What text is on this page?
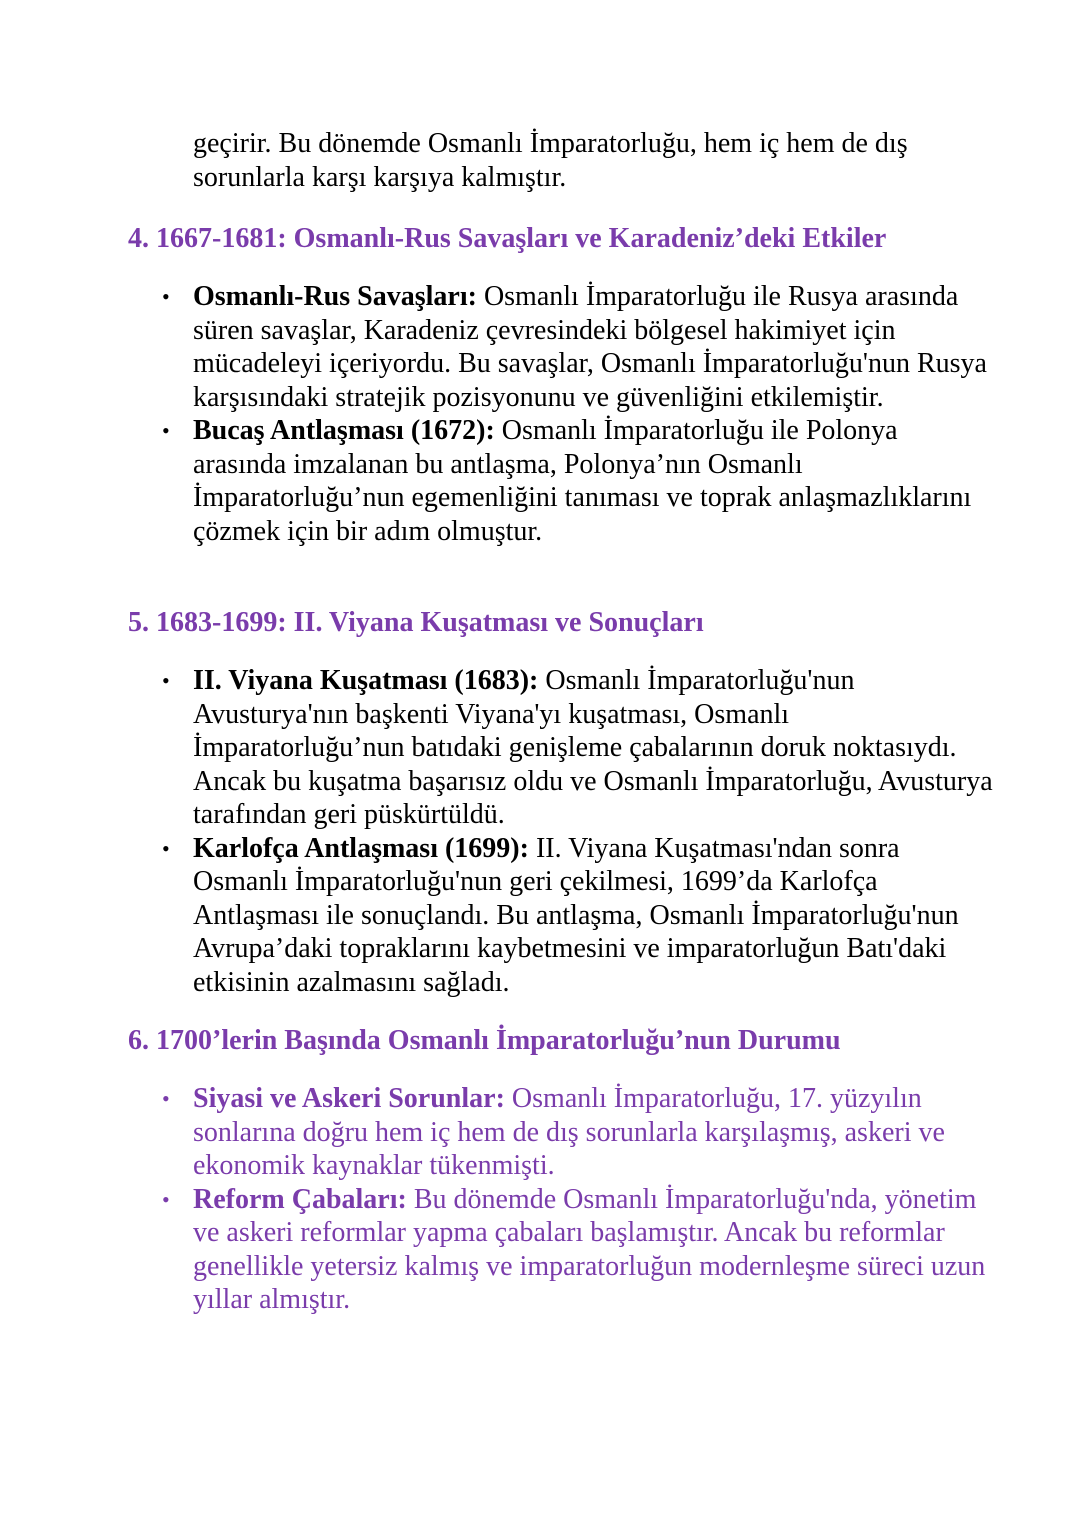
geçirir. Bu dönemde Osmanlı İmparatorluğu, hem iç hem de dış sorunlarla karşı karşıya kalmıştır.

4. 1667-1681: Osmanlı-Rus Savaşları ve Karadeniz’deki Etkiler
• Osmanlı-Rus Savaşları: Osmanlı İmparatorluğu ile Rusya arasında süren savaşlar, Karadeniz çevresindeki bölgesel hakimiyet için mücadeleyi içeriyordu. Bu savaşlar, Osmanlı İmparatorluğu'nun Rusya karşısındaki stratejik pozisyonunu ve güvenliğini etkilemiştir.
• Bucaş Antlaşması (1672): Osmanlı İmparatorluğu ile Polonya arasında imzalanan bu antlaşma, Polonya’nın Osmanlı İmparatorluğu’nun egemenliğini tanıması ve toprak anlaşmazlıklarını çözmek için bir adım olmuştur.
5. 1683-1699: II. Viyana Kuşatması ve Sonuçları
• II. Viyana Kuşatması (1683): Osmanlı İmparatorluğu'nun Avusturya'nın başkenti Viyana'yı kuşatması, Osmanlı İmparatorluğu’nun batıdaki genişleme çabalarının doruk noktasıydı. Ancak bu kuşatma başarısız oldu ve Osmanlı İmparatorluğu, Avusturya tarafından geri püskürtüldü.
• Karlofça Antlaşması (1699): II. Viyana Kuşatması'ndan sonra Osmanlı İmparatorluğu'nun geri çekilmesi, 1699’da Karlofça Antlaşması ile sonuçlandı. Bu antlaşma, Osmanlı İmparatorluğu'nun Avrupa’daki topraklarını kaybetmesini ve imparatorluğun Batı'daki etkisinin azalmasını sağladı.
6. 1700’lerin Başında Osmanlı İmparatorluğu’nun Durumu
• Siyasi ve Askeri Sorunlar: Osmanlı İmparatorluğu, 17. yüzyılın sonlarına doğru hem iç hem de dış sorunlarla karşılaşmış, askeri ve ekonomik kaynaklar tükenmişti.
• Reform Çabaları: Bu dönemde Osmanlı İmparatorluğu'nda, yönetim ve askeri reformlar yapma çabaları başlamıştır. Ancak bu reformlar genellikle yetersiz kalmış ve imparatorluğun modernleşme süreci uzun yıllar almıştır.
